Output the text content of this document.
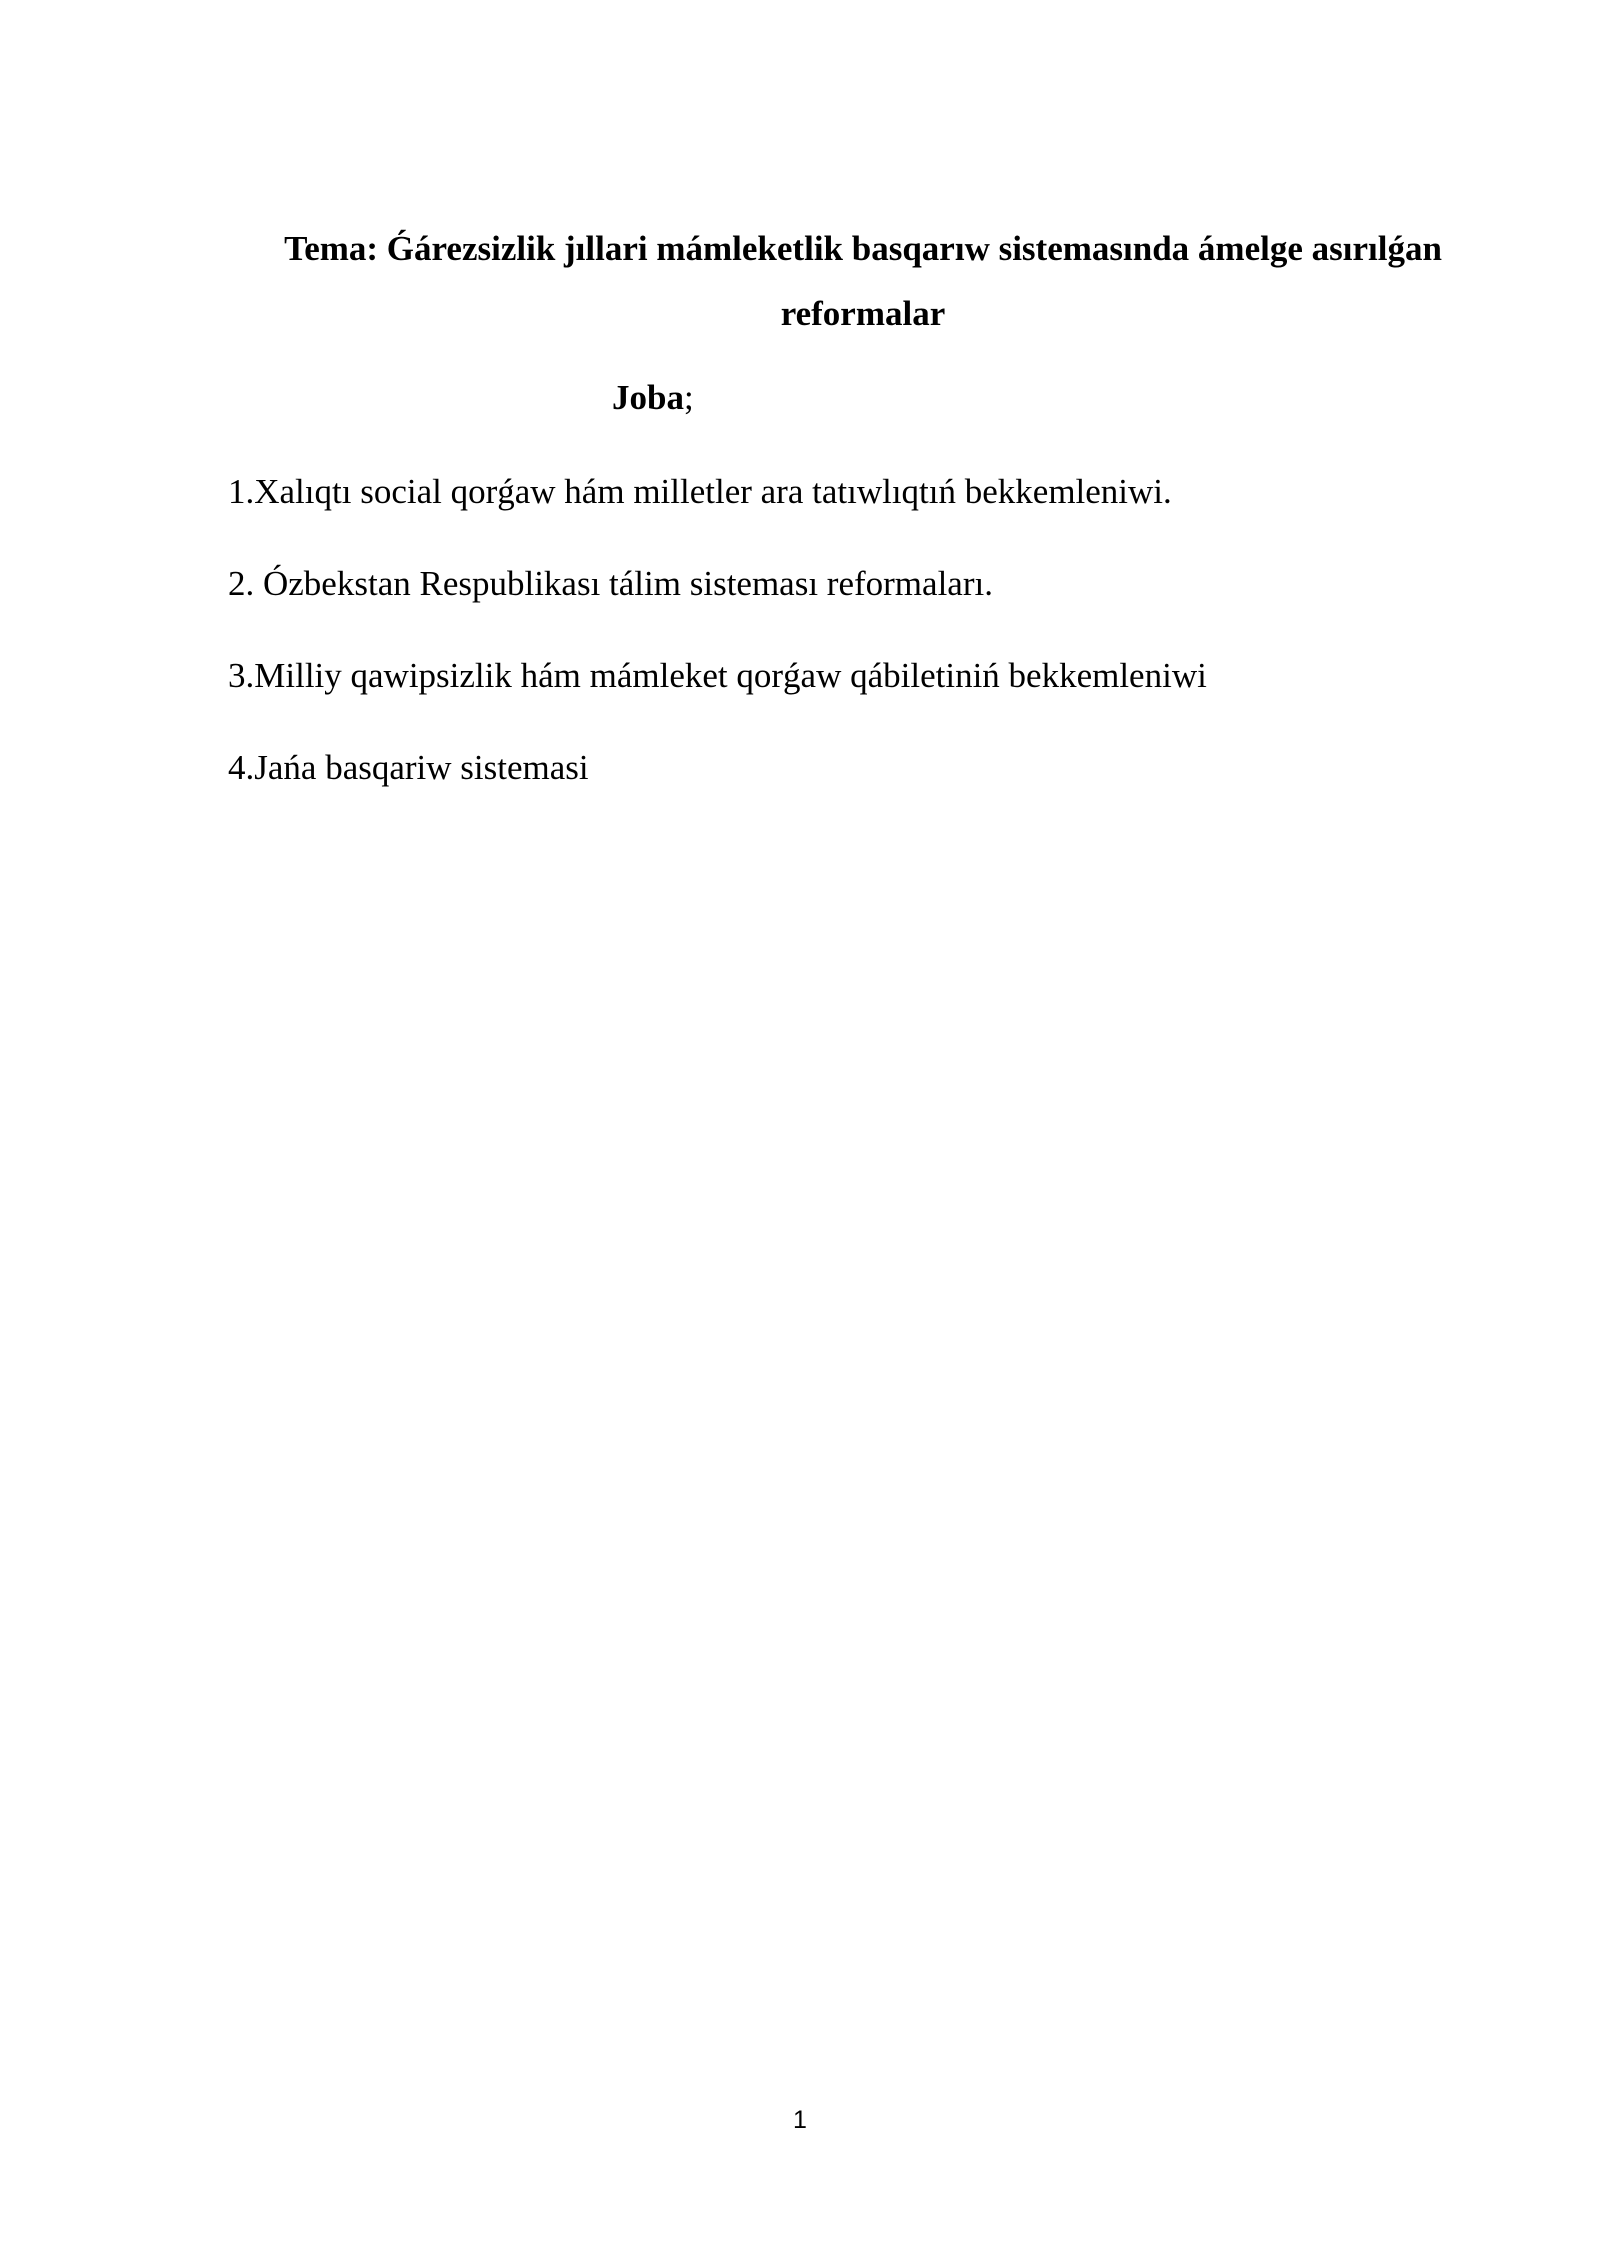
Tema: Ǵárezsizlik jıllari mámleketlik basqarıw sistemasında ámelge asırılǵan
reformalar

Joba;

1.Xalıqtı social qorǵaw hám milletler ara tatıwlıqtıń bekkemleniwi.
2. Ózbekstan Respublikası tálim sisteması reformaları.
3.Milliy qawipsizlik hám mámleket qorǵaw qábiletiniń bekkemleniwi
4.Jańa basqariw sistemasi
1
